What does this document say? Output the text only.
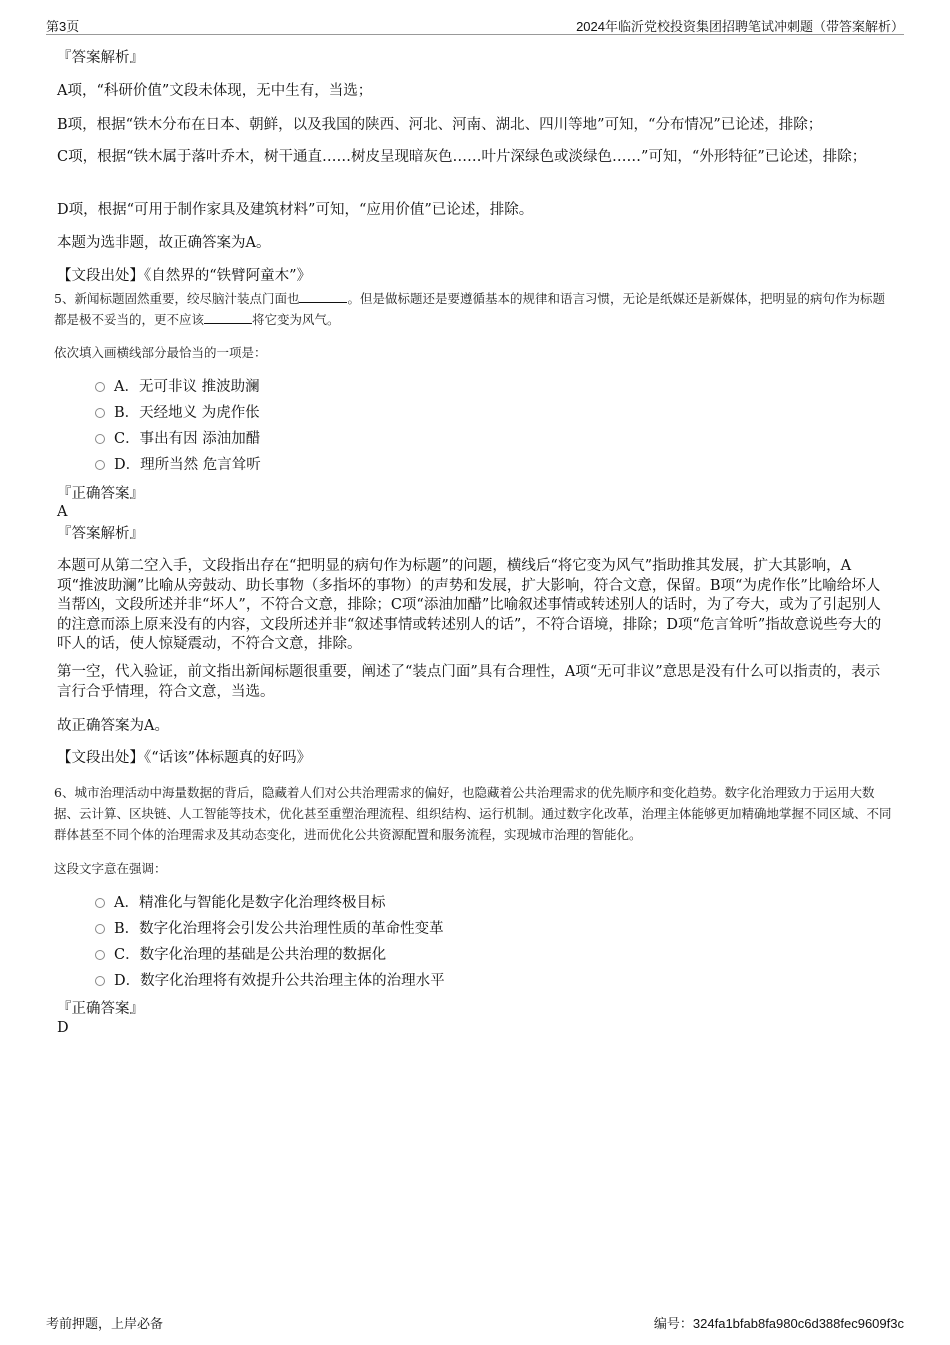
第3页	2024年临沂党校投资集团招聘笔试冲刺题（带答案解析）
『答案解析』
A项，“科研价值”文段未体现，无中生有，当选；
B项，根据“铁木分布在日本、朝鲜，以及我国的陕西、河北、河南、湖北、四川等地”可知，“分布情况”已论述，排除；
C项，根据“铁木属于落叶乔木，树干通直……树皮呈现暗灰色……叶片深绿色或淡绿色……”可知，“外形特征”已论述，排除；
D项，根据“可用于制作家具及建筑材料”可知，“应用价值”已论述，排除。
本题为选非题，故正确答案为A。
【文段出处】《自然界的“铁臂阿童木”》
5、新闻标题固然重要，绞尽脑汁装点门面也	。但是做标题还是要遵循基本的规律和语言习惯，无论是纸媒还是新媒体，把明显的病句作为标题都是极不妥当的，更不应该	将它变为风气。
依次填入画横线部分最恰当的一项是：
A．无可非议 推波助澜
B．天经地义 为虎作伥
C．事出有因 添油加醋
D．理所当然 危言耸听
『正确答案』
A
『答案解析』
本题可从第二空入手，文段指出存在“把明显的病句作为标题”的问题，横线后“将它变为风气”指助推其发展，扩大其影响，A项“推波助澜”比喻从旁鼓动、助长事物（多指坏的事物）的声势和发展，扩大影响，符合文意，保留。B项“为虎作伥”比喻给坏人当帮凶，文段所述并非“坏人”，不符合文意，排除；C项“添油加醋”比喻叙述事情或转述别人的话时，为了夸大，或为了引起别人的注意而添上原来没有的内容，文段所述并非“叙述事情或转述别人的话”，不符合语境，排除；D项“危言耸听”指故意说些夸大的吓人的话，使人惊疑震动，不符合文意，排除。
第一空，代入验证，前文指出新闻标题很重要，阐述了“装点门面”具有合理性，A项“无可非议”意思是没有什么可以指责的，表示言行合乎情理，符合文意，当选。
故正确答案为A。
【文段出处】《“话该”体标题真的好吗》
6、城市治理活动中海量数据的背后，隐藏着人们对公共治理需求的偏好，也隐藏着公共治理需求的优先顺序和变化趋势。数字化治理致力于运用大数据、云计算、区块链、人工智能等技术，优化甚至重塑治理流程、组织结构、运行机制。通过数字化改革，治理主体能够更加精确地掌握不同区域、不同群体甚至不同个体的治理需求及其动态变化，进而优化公共资源配置和服务流程，实现城市治理的智能化。
这段文字意在强调：
A．精准化与智能化是数字化治理终极目标
B．数字化治理将会引发公共治理性质的革命性变革
C．数字化治理的基础是公共治理的数据化
D．数字化治理将有效提升公共治理主体的治理水平
『正确答案』
D
考前押题，上岸必备	编号：324fa1bfab8fa980c6d388fec9609f3c
